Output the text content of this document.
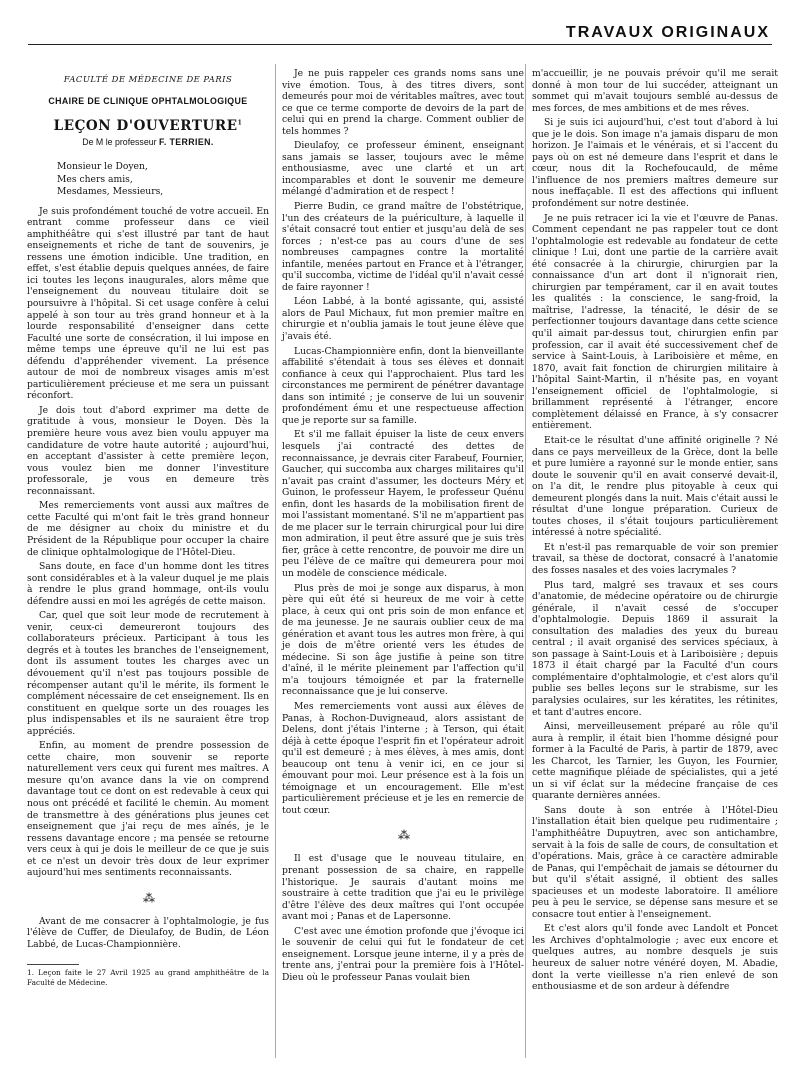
TRAVAUX ORIGINAUX
FACULTÉ DE MÉDECINE DE PARIS
CHAIRE DE CLINIQUE OPHTALMOLOGIQUE
LEÇON D'OUVERTURE$^1$
De M le professeur F. TERRIEN.

Monsieur le Doyen,

Mes chers amis,

Mesdames, Messieurs,

Je suis profondément touché de votre accueil. En entrant comme professeur dans ce vieil amphithéâtre qui s'est illustré par tant de haut enseignements et riche de tant de souvenirs, je ressens une émotion indicible. Une tradition, en effet, s'est établie depuis quelques années, de faire ici toutes les leçons inaugurales, alors même que l'enseignement du nouveau titulaire doit se poursuivre à l'hôpital. Si cet usage confère à celui appelé à son tour au très grand honneur et à la lourde responsabilité d'enseigner dans cette Faculté une sorte de consécration, il lui impose en même temps une épreuve qu'il ne lui est pas défendu d'appréhender vivement. La présence autour de moi de nombreux visages amis m'est particulièrement précieuse et me sera un puissant réconfort.

Je dois tout d'abord exprimer ma dette de gratitude à vous, monsieur le Doyen. Dès la première heure vous avez bien voulu appuyer ma candidature de votre haute autorité ; aujourd'hui, en acceptant d'assister à cette première leçon, vous voulez bien me donner l'investiture professorale, je vous en demeure très reconnaissant.

Mes remerciements vont aussi aux maîtres de cette Faculté qui m'ont fait le très grand honneur de me désigner au choix du ministre et du Président de la République pour occuper la chaire de clinique ophtalmologique de l'Hôtel-Dieu.

Sans doute, en face d'un homme dont les titres sont considérables et à la valeur duquel je me plais à rendre le plus grand hommage, ont-ils voulu défendre aussi en moi les agrégés de cette maison.

Car, quel que soit leur mode de recrutement à venir, ceux-ci demeureront toujours des collaborateurs précieux. Participant à tous les degrés et à toutes les branches de l'enseignement, dont ils assument toutes les charges avec un dévouement qu'il n'est pas toujours possible de récompenser autant qu'il le mérite, ils forment le complément nécessaire de cet enseignement. Ils en constituent en quelque sorte un des rouages les plus indispensables et ils ne sauraient être trop appréciés.

Enfin, au moment de prendre possession de cette chaire, mon souvenir se reporte naturellement vers ceux qui furent mes maîtres. A mesure qu'on avance dans la vie on comprend davantage tout ce dont on est redevable à ceux qui nous ont précédé et facilité le chemin. Au moment de transmettre à des générations plus jeunes cet enseignement que j'ai reçu de mes aînés, je le ressens davantage encore ; ma pensée se retourne vers ceux à qui je dois le meilleur de ce que je suis et ce n'est un devoir très doux de leur exprimer aujourd'hui mes sentiments reconnaissants.

⁂

Avant de me consacrer à l'ophtalmologie, je fus l'élève de Cuffer, de Dieulafoy, de Budin, de Léon Labbé, de Lucas-Championnière.

1. Leçon faite le 27 Avril 1925 au grand amphithéâtre de la Faculté de Médecine.

Je ne puis rappeler ces grands noms sans une vive émotion. Tous, à des titres divers, sont demeurés pour moi de véritables maîtres, avec tout ce que ce terme comporte de devoirs de la part de celui qui en prend la charge. Comment oublier de tels hommes ?

Dieulafoy, ce professeur éminent, enseignant sans jamais se lasser, toujours avec le même enthousiasme, avec une clarté et un art incomparables et dont le souvenir me demeure mélangé d'admiration et de respect !

Pierre Budin, ce grand maître de l'obstétrique, l'un des créateurs de la puériculture, à laquelle il s'était consacré tout entier et jusqu'au delà de ses forces ; n'est-ce pas au cours d'une de ses nombreuses campagnes contre la mortalité infantile, menées partout en France et à l'étranger, qu'il succomba, victime de l'idéal qu'il n'avait cessé de faire rayonner !

Léon Labbé, à la bonté agissante, qui, assisté alors de Paul Michaux, fut mon premier maître en chirurgie et n'oublia jamais le tout jeune élève que j'avais été.

Lucas-Championnière enfin, dont la bienveillante affabilité s'étendait à tous ses élèves et donnait confiance à ceux qui l'approchaient. Plus tard les circonstances me permirent de pénétrer davantage dans son intimité ; je conserve de lui un souvenir profondément ému et une respectueuse affection que je reporte sur sa famille.

Et s'il me fallait épuiser la liste de ceux envers lesquels j'ai contracté des dettes de reconnaissance, je devrais citer Farabeuf, Fournier, Gaucher, qui succomba aux charges militaires qu'il n'avait pas craint d'assumer, les docteurs Méry et Guinon, le professeur Hayem, le professeur Quénu enfin, dont les hasards de la mobilisation firent de moi l'assistant momentané. S'il ne m'appartient pas de me placer sur le terrain chirurgical pour lui dire mon admiration, il peut être assuré que je suis très fier, grâce à cette rencontre, de pouvoir me dire un peu l'élève de ce maître qui demeurera pour moi un modèle de conscience médicale.

Plus près de moi je songe aux disparus, à mon père qui eût été si heureux de me voir à cette place, à ceux qui ont pris soin de mon enfance et de ma jeunesse. Je ne saurais oublier ceux de ma génération et avant tous les autres mon frère, à qui je dois de m'être orienté vers les études de médecine. Si son âge justifie à peine son titre d'aîné, il le mérite pleinement par l'affection qu'il m'a toujours témoignée et par la fraternelle reconnaissance que je lui conserve.

Mes remerciements vont aussi aux élèves de Panas, à Rochon-Duvigneaud, alors assistant de Delens, dont j'étais l'interne ; à Terson, qui était déjà à cette époque l'esprit fin et l'opérateur adroit qu'il est demeuré ; à mes élèves, à mes amis, dont beaucoup ont tenu à venir ici, en ce jour si émouvant pour moi. Leur présence est à la fois un témoignage et un encouragement. Elle m'est particulièrement précieuse et je les en remercie de tout cœur.

⁂

Il est d'usage que le nouveau titulaire, en prenant possession de sa chaire, en rappelle l'historique. Je saurais d'autant moins me soustraire à cette tradition que j'ai eu le privilège d'être l'élève des deux maîtres qui l'ont occupée avant moi ; Panas et de Lapersonne.

C'est avec une émotion profonde que j'évoque ici le souvenir de celui qui fut le fondateur de cet enseignement. Lorsque jeune interne, il y a près de trente ans, j'entrai pour la première fois à l'Hôtel-Dieu où le professeur Panas voulait bien

m'accueillir, je ne pouvais prévoir qu'il me serait donné à mon tour de lui succéder, atteignant un sommet qui m'avait toujours semblé au-dessus de mes forces, de mes ambitions et de mes rêves.

Si je suis ici aujourd'hui, c'est tout d'abord à lui que je le dois. Son image n'a jamais disparu de mon horizon. Je l'aimais et le vénérais, et si l'accent du pays où on est né demeure dans l'esprit et dans le cœur, nous dit la Rochefoucauld, de même l'influence de nos premiers maîtres demeure sur nous ineffaçable. Il est des affections qui influent profondément sur notre destinée.

Je ne puis retracer ici la vie et l'œuvre de Panas. Comment cependant ne pas rappeler tout ce dont l'ophtalmologie est redevable au fondateur de cette clinique ! Lui, dont une partie de la carrière avait été consacrée à la chirurgie, chirurgien par la connaissance d'un art dont il n'ignorait rien, chirurgien par tempérament, car il en avait toutes les qualités : la conscience, le sang-froid, la maîtrise, l'adresse, la ténacité, le désir de se perfectionner toujours davantage dans cette science qu'il aimait par-dessus tout, chirurgien enfin par profession, car il avait été successivement chef de service à Saint-Louis, à Lariboisière et même, en 1870, avait fait fonction de chirurgien militaire à l'hôpital Saint-Martin, il n'hésite pas, en voyant l'enseignement officiel de l'ophtalmologie, si brillamment représenté à l'étranger, encore complètement délaissé en France, à s'y consacrer entièrement.

Etait-ce le résultat d'une affinité originelle ? Né dans ce pays merveilleux de la Grèce, dont la belle et pure lumière a rayonné sur le monde entier, sans doute le souvenir qu'il en avait conservé devait-il, on l'a dit, le rendre plus pitoyable à ceux qui demeurent plongés dans la nuit. Mais c'était aussi le résultat d'une longue préparation. Curieux de toutes choses, il s'était toujours particulièrement intéressé à notre spécialité.

Et n'est-il pas remarquable de voir son premier travail, sa thèse de doctorat, consacré à l'anatomie des fosses nasales et des voies lacrymales ?

Plus tard, malgré ses travaux et ses cours d'anatomie, de médecine opératoire ou de chirurgie générale, il n'avait cessé de s'occuper d'ophtalmologie. Depuis 1869 il assurait la consultation des maladies des yeux du bureau central ; il avait organisé des services spéciaux, à son passage à Saint-Louis et à Lariboisière ; depuis 1873 il était chargé par la Faculté d'un cours complémentaire d'ophtalmologie, et c'est alors qu'il publie ses belles leçons sur le strabisme, sur les paralysies oculaires, sur les kératites, les rétinites, et tant d'autres encore.

Ainsi, merveilleusement préparé au rôle qu'il aura à remplir, il était bien l'homme désigné pour former à la Faculté de Paris, à partir de 1879, avec les Charcot, les Tarnier, les Guyon, les Fournier, cette magnifique pléiade de spécialistes, qui a jeté un si vif éclat sur la médecine française de ces quarante dernières années.

Sans doute à son entrée à l'Hôtel-Dieu l'installation était bien quelque peu rudimentaire ; l'amphithéâtre Dupuytren, avec son antichambre, servait à la fois de salle de cours, de consultation et d'opérations. Mais, grâce à ce caractère admirable de Panas, qui l'empêchait de jamais se détourner du but qu'il s'était assigné, il obtient des salles spacieuses et un modeste laboratoire. Il améliore peu à peu le service, se dépense sans mesure et se consacre tout entier à l'enseignement.

Et c'est alors qu'il fonde avec Landolt et Poncet les Archives d'ophtalmologie ; avec eux encore et quelques autres, au nombre desquels je suis heureux de saluer notre vénéré doyen, M. Abadie, dont la verte vieillesse n'a rien enlevé de son enthousiasme et de son ardeur à défendre
